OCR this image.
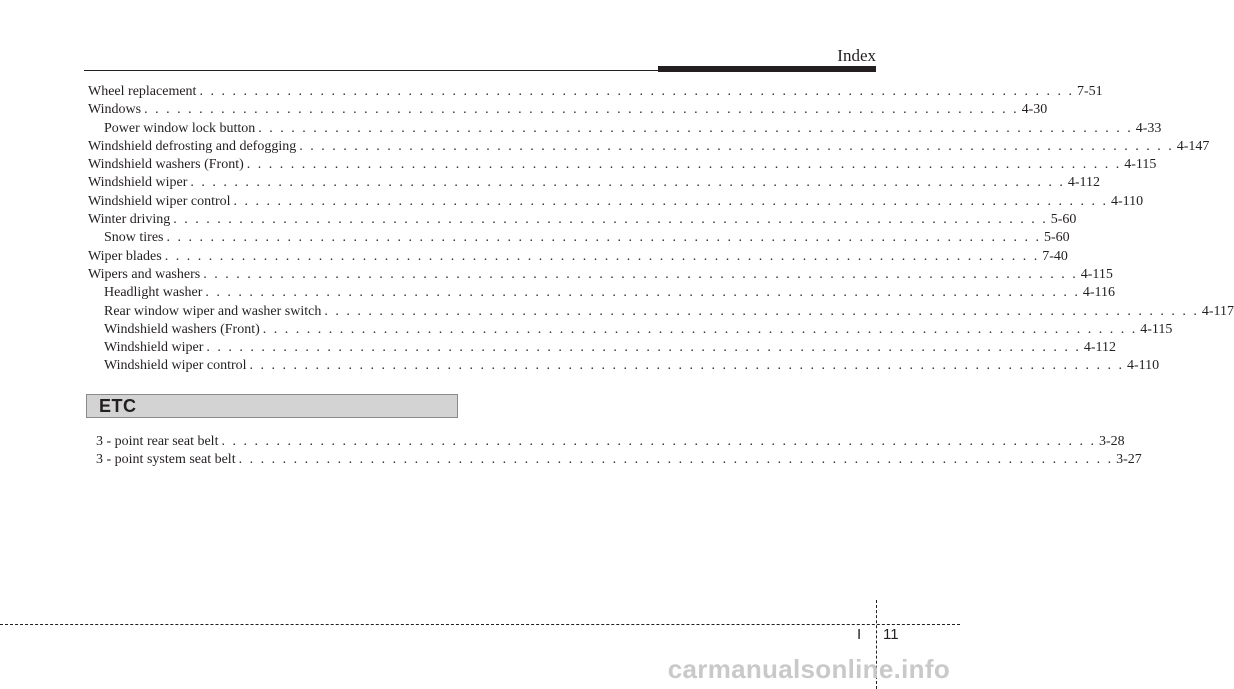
Index
Wheel replacement . . . . . . . . . . . . . . . . . . . . . . . . . . . . . . . . . . . . . . . . . . . . . . . . . . . . . . . . . . . . . . . . . . . . . . . . . . . . . . . . 7-51
Windows . . . . . . . . . . . . . . . . . . . . . . . . . . . . . . . . . . . . . . . . . . . . . . . . . . . . . . . . . . . . . . . . . . . . . . . . . . . . . . . . 4-30
Power window lock button . . . . . . . . . . . . . . . . . . . . . . . . . . . . . . . . . . . . . . . . . . . . . . . . . . . . . . . . . . . . . . . . . . . . . . . . . . . . . . . . 4-33
Windshield defrosting and defogging . . . . . . . . . . . . . . . . . . . . . . . . . . . . . . . . . . . . . . . . . . . . . . . . . . . . . . . . . . . . . . . . . . . . . . . . . . . . . . . . 4-147
Windshield washers (Front) . . . . . . . . . . . . . . . . . . . . . . . . . . . . . . . . . . . . . . . . . . . . . . . . . . . . . . . . . . . . . . . . . . . . . . . . . . . . . . . . 4-115
Windshield wiper . . . . . . . . . . . . . . . . . . . . . . . . . . . . . . . . . . . . . . . . . . . . . . . . . . . . . . . . . . . . . . . . . . . . . . . . . . . . . . . . 4-112
Windshield wiper control . . . . . . . . . . . . . . . . . . . . . . . . . . . . . . . . . . . . . . . . . . . . . . . . . . . . . . . . . . . . . . . . . . . . . . . . . . . . . . . . 4-110
Winter driving . . . . . . . . . . . . . . . . . . . . . . . . . . . . . . . . . . . . . . . . . . . . . . . . . . . . . . . . . . . . . . . . . . . . . . . . . . . . . . . . 5-60
Snow tires . . . . . . . . . . . . . . . . . . . . . . . . . . . . . . . . . . . . . . . . . . . . . . . . . . . . . . . . . . . . . . . . . . . . . . . . . . . . . . . . 5-60
Wiper blades . . . . . . . . . . . . . . . . . . . . . . . . . . . . . . . . . . . . . . . . . . . . . . . . . . . . . . . . . . . . . . . . . . . . . . . . . . . . . . . . 7-40
Wipers and washers . . . . . . . . . . . . . . . . . . . . . . . . . . . . . . . . . . . . . . . . . . . . . . . . . . . . . . . . . . . . . . . . . . . . . . . . . . . . . . . . 4-115
Headlight washer . . . . . . . . . . . . . . . . . . . . . . . . . . . . . . . . . . . . . . . . . . . . . . . . . . . . . . . . . . . . . . . . . . . . . . . . . . . . . . . . 4-116
Rear window wiper and washer switch . . . . . . . . . . . . . . . . . . . . . . . . . . . . . . . . . . . . . . . . . . . . . . . . . . . . . . . . . . . . . . . . . . . . . . . . . . . . . . . . 4-117
Windshield washers (Front) . . . . . . . . . . . . . . . . . . . . . . . . . . . . . . . . . . . . . . . . . . . . . . . . . . . . . . . . . . . . . . . . . . . . . . . . . . . . . . . . 4-115
Windshield wiper . . . . . . . . . . . . . . . . . . . . . . . . . . . . . . . . . . . . . . . . . . . . . . . . . . . . . . . . . . . . . . . . . . . . . . . . . . . . . . . . 4-112
Windshield wiper control . . . . . . . . . . . . . . . . . . . . . . . . . . . . . . . . . . . . . . . . . . . . . . . . . . . . . . . . . . . . . . . . . . . . . . . . . . . . . . . . 4-110
ETC
3 - point rear seat belt . . . . . . . . . . . . . . . . . . . . . . . . . . . . . . . . . . . . . . . . . . . . . . . . . . . . . . . . . . . . . . . . . . . . . . . . . . . . . . . . 3-28
3 - point system seat belt . . . . . . . . . . . . . . . . . . . . . . . . . . . . . . . . . . . . . . . . . . . . . . . . . . . . . . . . . . . . . . . . . . . . . . . . . . . . . . . . 3-27
I 11
carmanualsonline.info
